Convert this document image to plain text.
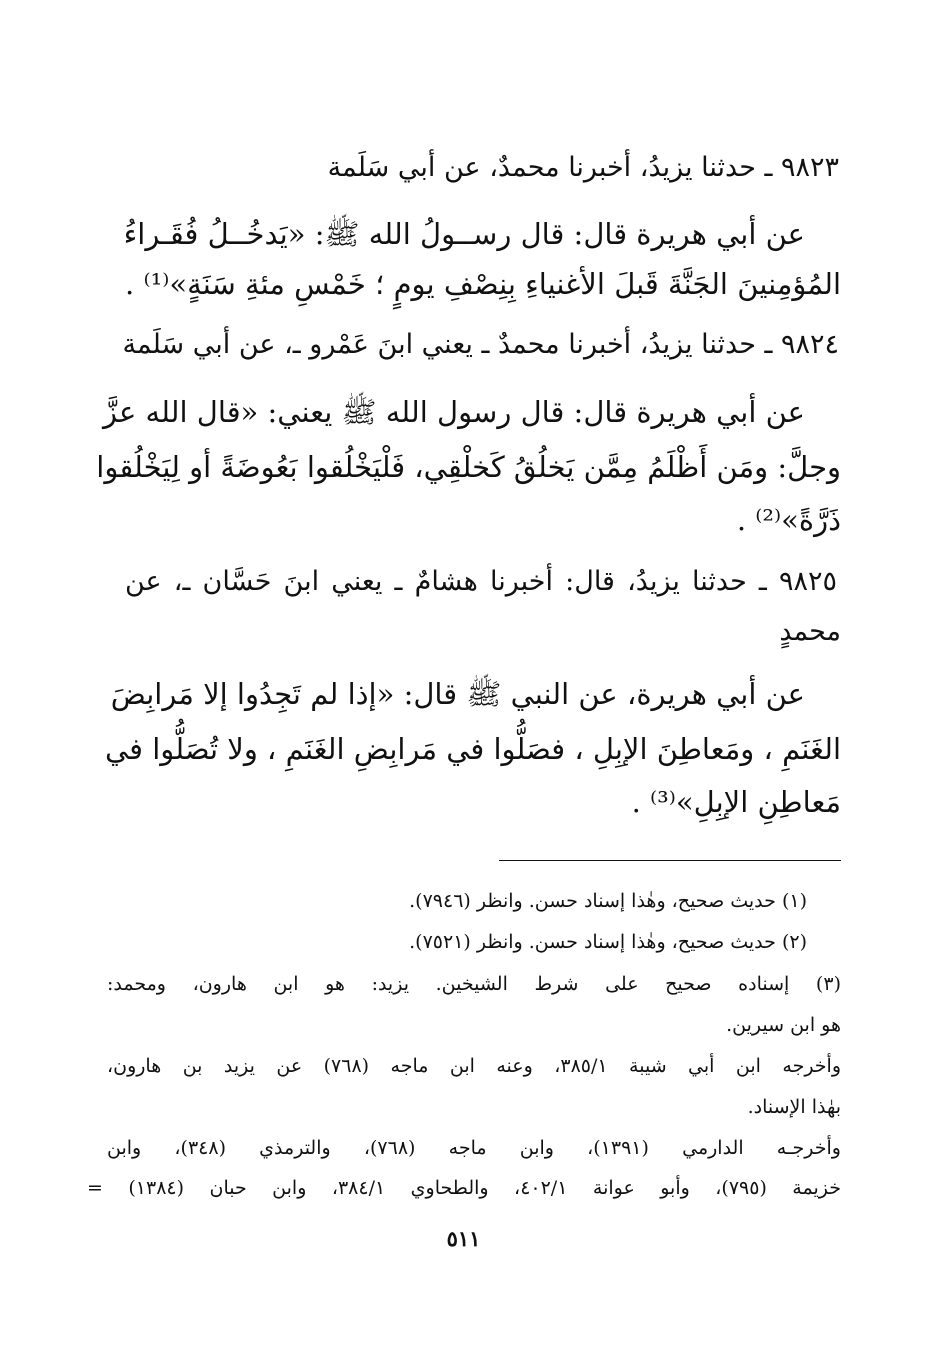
٩٨٢٣ ـ حدثنا يزيدُ، أخبرنا محمدٌ، عن أبي سَلَمة
عن أبي هريرة قال: قال رســولُ الله ﷺ: «يَدخُــلُ فُقَـراءُ
المُؤمِنينَ الجَنَّةَ قَبلَ الأغنياءِ بِنِصْفِ يومٍ ؛ خَمْسِ مئةِ سَنَةٍ»⁽¹⁾ .
٩٨٢٤ ـ حدثنا يزيدُ، أخبرنا محمدٌ ـ يعني ابنَ عَمْرو ـ، عن أبي سَلَمة
عن أبي هريرة قال: قال رسول الله ﷺ يعني: «قال الله عزَّ
وجلَّ: ومَن أَظْلَمُ مِمَّن يَخلُقُ كَخلْقِي، فَلْيَخْلُقوا بَعُوضَةً أو لِيَخْلُقوا
ذَرَّةً»⁽²⁾ .
٩٨٢٥ ـ حدثنا يزيدُ، قال: أخبرنا هشامٌ ـ يعني ابنَ حَسَّان ـ، عن
محمدٍ
عن أبي هريرة، عن النبي ﷺ قال: «إذا لم تَجِدُوا إلا مَرابِضَ
الغَنَمِ ، ومَعاطِنَ الإبِلِ ، فصَلُّوا في مَرابِضِ الغَنَمِ ، ولا تُصَلُّوا في
مَعاطِنِ الإبِلِ»⁽³⁾ .
(١) حديث صحيح، وهٰذا إسناد حسن. وانظر (٧٩٤٦).
(٢) حديث صحيح، وهٰذا إسناد حسن. وانظر (٧٥٢١).
(٣) إسناده صحيح على شرط الشيخين. يزيد: هو ابن هارون، ومحمد:
هو ابن سيرين.
وأخرجه ابن أبي شيبة ٣٨٥/١، وعنه ابن ماجه (٧٦٨) عن يزيد بن هارون،
بهٰذا الإسناد.
وأخرجـه الدارمي (١٣٩١)، وابن ماجه (٧٦٨)، والترمذي (٣٤٨)، وابن
خزيمة (٧٩٥)، وأبو عوانة ٤٠٢/١، والطحاوي ٣٨٤/١، وابن حبان (١٣٨٤) =
٥١١
